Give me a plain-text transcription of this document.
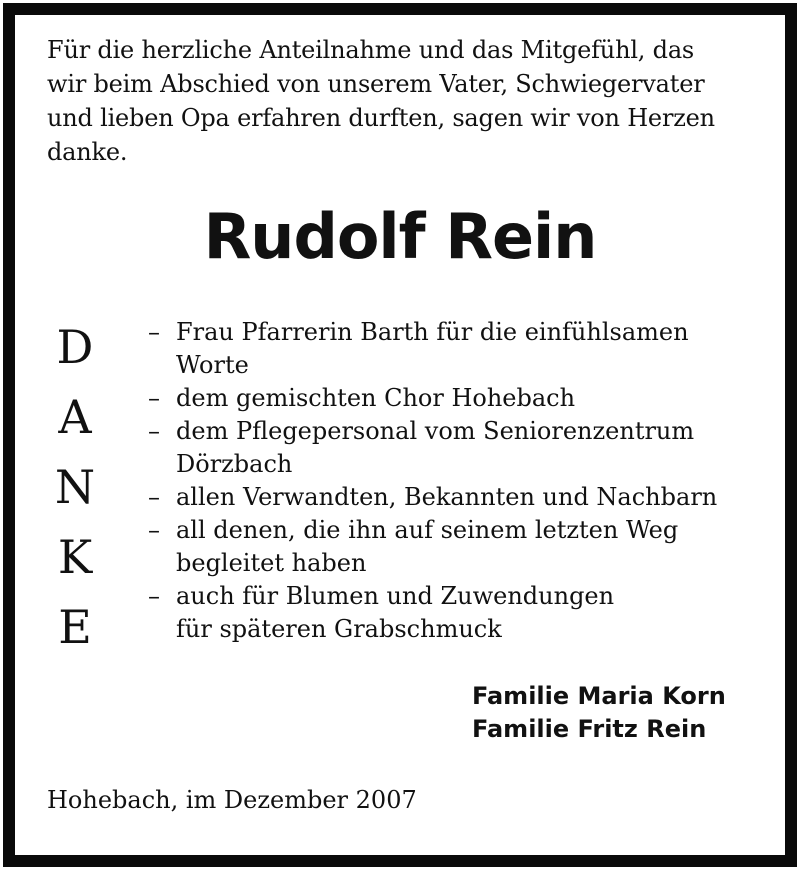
Für die herzliche Anteilnahme und das Mitgefühl, das
wir beim Abschied von unserem Vater, Schwiegervater
und lieben Opa erfahren durften, sagen wir von Herzen
danke.
Rudolf Rein
D
A
N
K
E
– Frau Pfarrerin Barth für die einfühlsamen
Worte
– dem gemischten Chor Hohebach
– dem Pflegepersonal vom Seniorenzentrum
Dörzbach
– allen Verwandten, Bekannten und Nachbarn
– all denen, die ihn auf seinem letzten Weg
begleitet haben
– auch für Blumen und Zuwendungen
für späteren Grabschmuck
Familie Maria Korn
Familie Fritz Rein
Hohebach, im Dezember 2007
